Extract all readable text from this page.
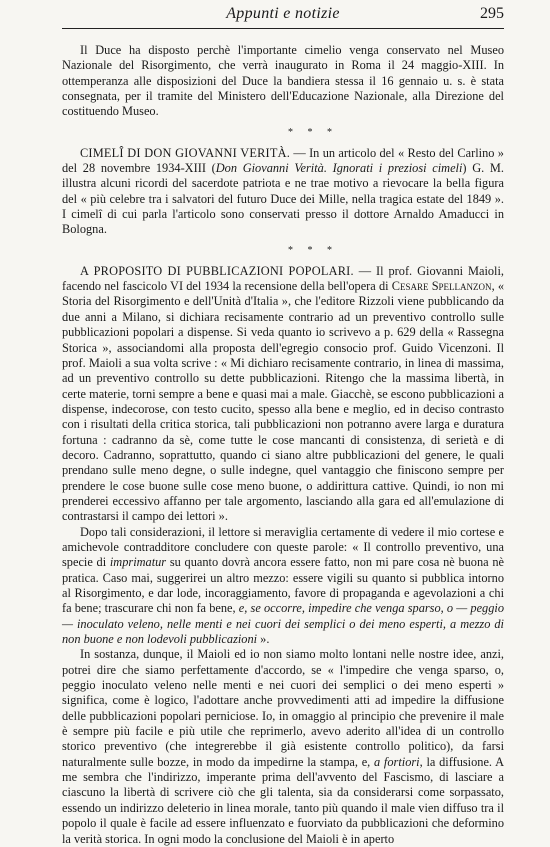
Appunti e notizie	295

Il Duce ha disposto perchè l'importante cimelio venga conservato nel Museo Nazionale del Risorgimento, che verrà inaugurato in Roma il 24 maggio-XIII. In ottemperanza alle disposizioni del Duce la bandiera stessa il 16 gennaio u. s. è stata consegnata, per il tramite del Ministero dell'Educazione Nazionale, alla Direzione del costituendo Museo.

* * *

CIMELÎ DI DON GIOVANNI VERITÀ. — In un articolo del « Resto del Carlino » del 28 novembre 1934-XIII (Don Giovanni Verità. Ignorati i preziosi cimeli) G. M. illustra alcuni ricordi del sacerdote patriota e ne trae motivo a rievocare la bella figura del « più celebre tra i salvatori del futuro Duce dei Mille, nella tragica estate del 1849 ». I cimelî di cui parla l'articolo sono conservati presso il dottore Arnaldo Amaducci in Bologna.

* * *

A PROPOSITO DI PUBBLICAZIONI POPOLARI. — Il prof. Giovanni Maioli, facendo nel fascicolo VI del 1934 la recensione della bell'opera di Cesare Spellanzon, « Storia del Risorgimento e dell'Unità d'Italia », che l'editore Rizzoli viene pubblicando da due anni a Milano, si dichiara recisamente contrario ad un preventivo controllo sulle pubblicazioni popolari a dispense. Si veda quanto io scrivevo a p. 629 della « Rassegna Storica », associandomi alla proposta dell'egregio consocio prof. Guido Vicenzoni. Il prof. Maioli a sua volta scrive : « Mi dichiaro recisamente contrario, in linea di massima, ad un preventivo controllo su dette pubblicazioni. Ritengo che la massima libertà, in certe materie, torni sempre a bene e quasi mai a male. Giacchè, se escono pubblicazioni a dispense, indecorose, con testo cucito, spesso alla bene e meglio, ed in deciso contrasto con i risultati della critica storica, tali pubblicazioni non potranno avere larga e duratura fortuna : cadranno da sè, come tutte le cose mancanti di consistenza, di serietà e di decoro. Cadranno, soprattutto, quando ci siano altre pubblicazioni del genere, le quali prendano sulle meno degne, o sulle indegne, quel vantaggio che finiscono sempre per prendere le cose buone sulle cose meno buone, o addirittura cattive. Quindi, io non mi prenderei eccessivo affanno per tale argomento, lasciando alla gara ed all'emulazione di contrastarsi il campo dei lettori ».

Dopo tali considerazioni, il lettore si meraviglia certamente di vedere il mio cortese e amichevole contradditore concludere con queste parole: « Il controllo preventivo, una specie di imprimatur su quanto dovrà ancora essere fatto, non mi pare cosa nè buona nè pratica. Caso mai, suggerirei un altro mezzo: essere vigili su quanto si pubblica intorno al Risorgimento, e dar lode, incoraggiamento, favore di propaganda e agevolazioni a chi fa bene; trascurare chi non fa bene, e, se occorre, impedire che venga sparso, o — peggio — inoculato veleno, nelle menti e nei cuori dei semplici o dei meno esperti, a mezzo di non buone e non lodevoli pubblicazioni ».

In sostanza, dunque, il Maioli ed io non siamo molto lontani nelle nostre idee, anzi, potrei dire che siamo perfettamente d'accordo, se « l'impedire che venga sparso, o, peggio inoculato veleno nelle menti e nei cuori dei semplici o dei meno esperti » significa, come è logico, l'adottare anche provvedimenti atti ad impedire la diffusione delle pubblicazioni popolari perniciose. Io, in omaggio al principio che prevenire il male è sempre più facile e più utile che reprimerlo, avevo aderito all'idea di un controllo storico preventivo (che integrerebbe il già esistente controllo politico), da farsi naturalmente sulle bozze, in modo da impedirne la stampa, e, a fortiori, la diffusione. A me sembra che l'indirizzo, imperante prima dell'avvento del Fascismo, di lasciare a ciascuno la libertà di scrivere ciò che gli talenta, sia da considerarsi come sorpassato, essendo un indirizzo deleterio in linea morale, tanto più quando il male vien diffuso tra il popolo il quale è facile ad essere influenzato e fuorviato da pubblicazioni che deformino la verità storica. In ogni modo la conclusione del Maioli è in aperto
